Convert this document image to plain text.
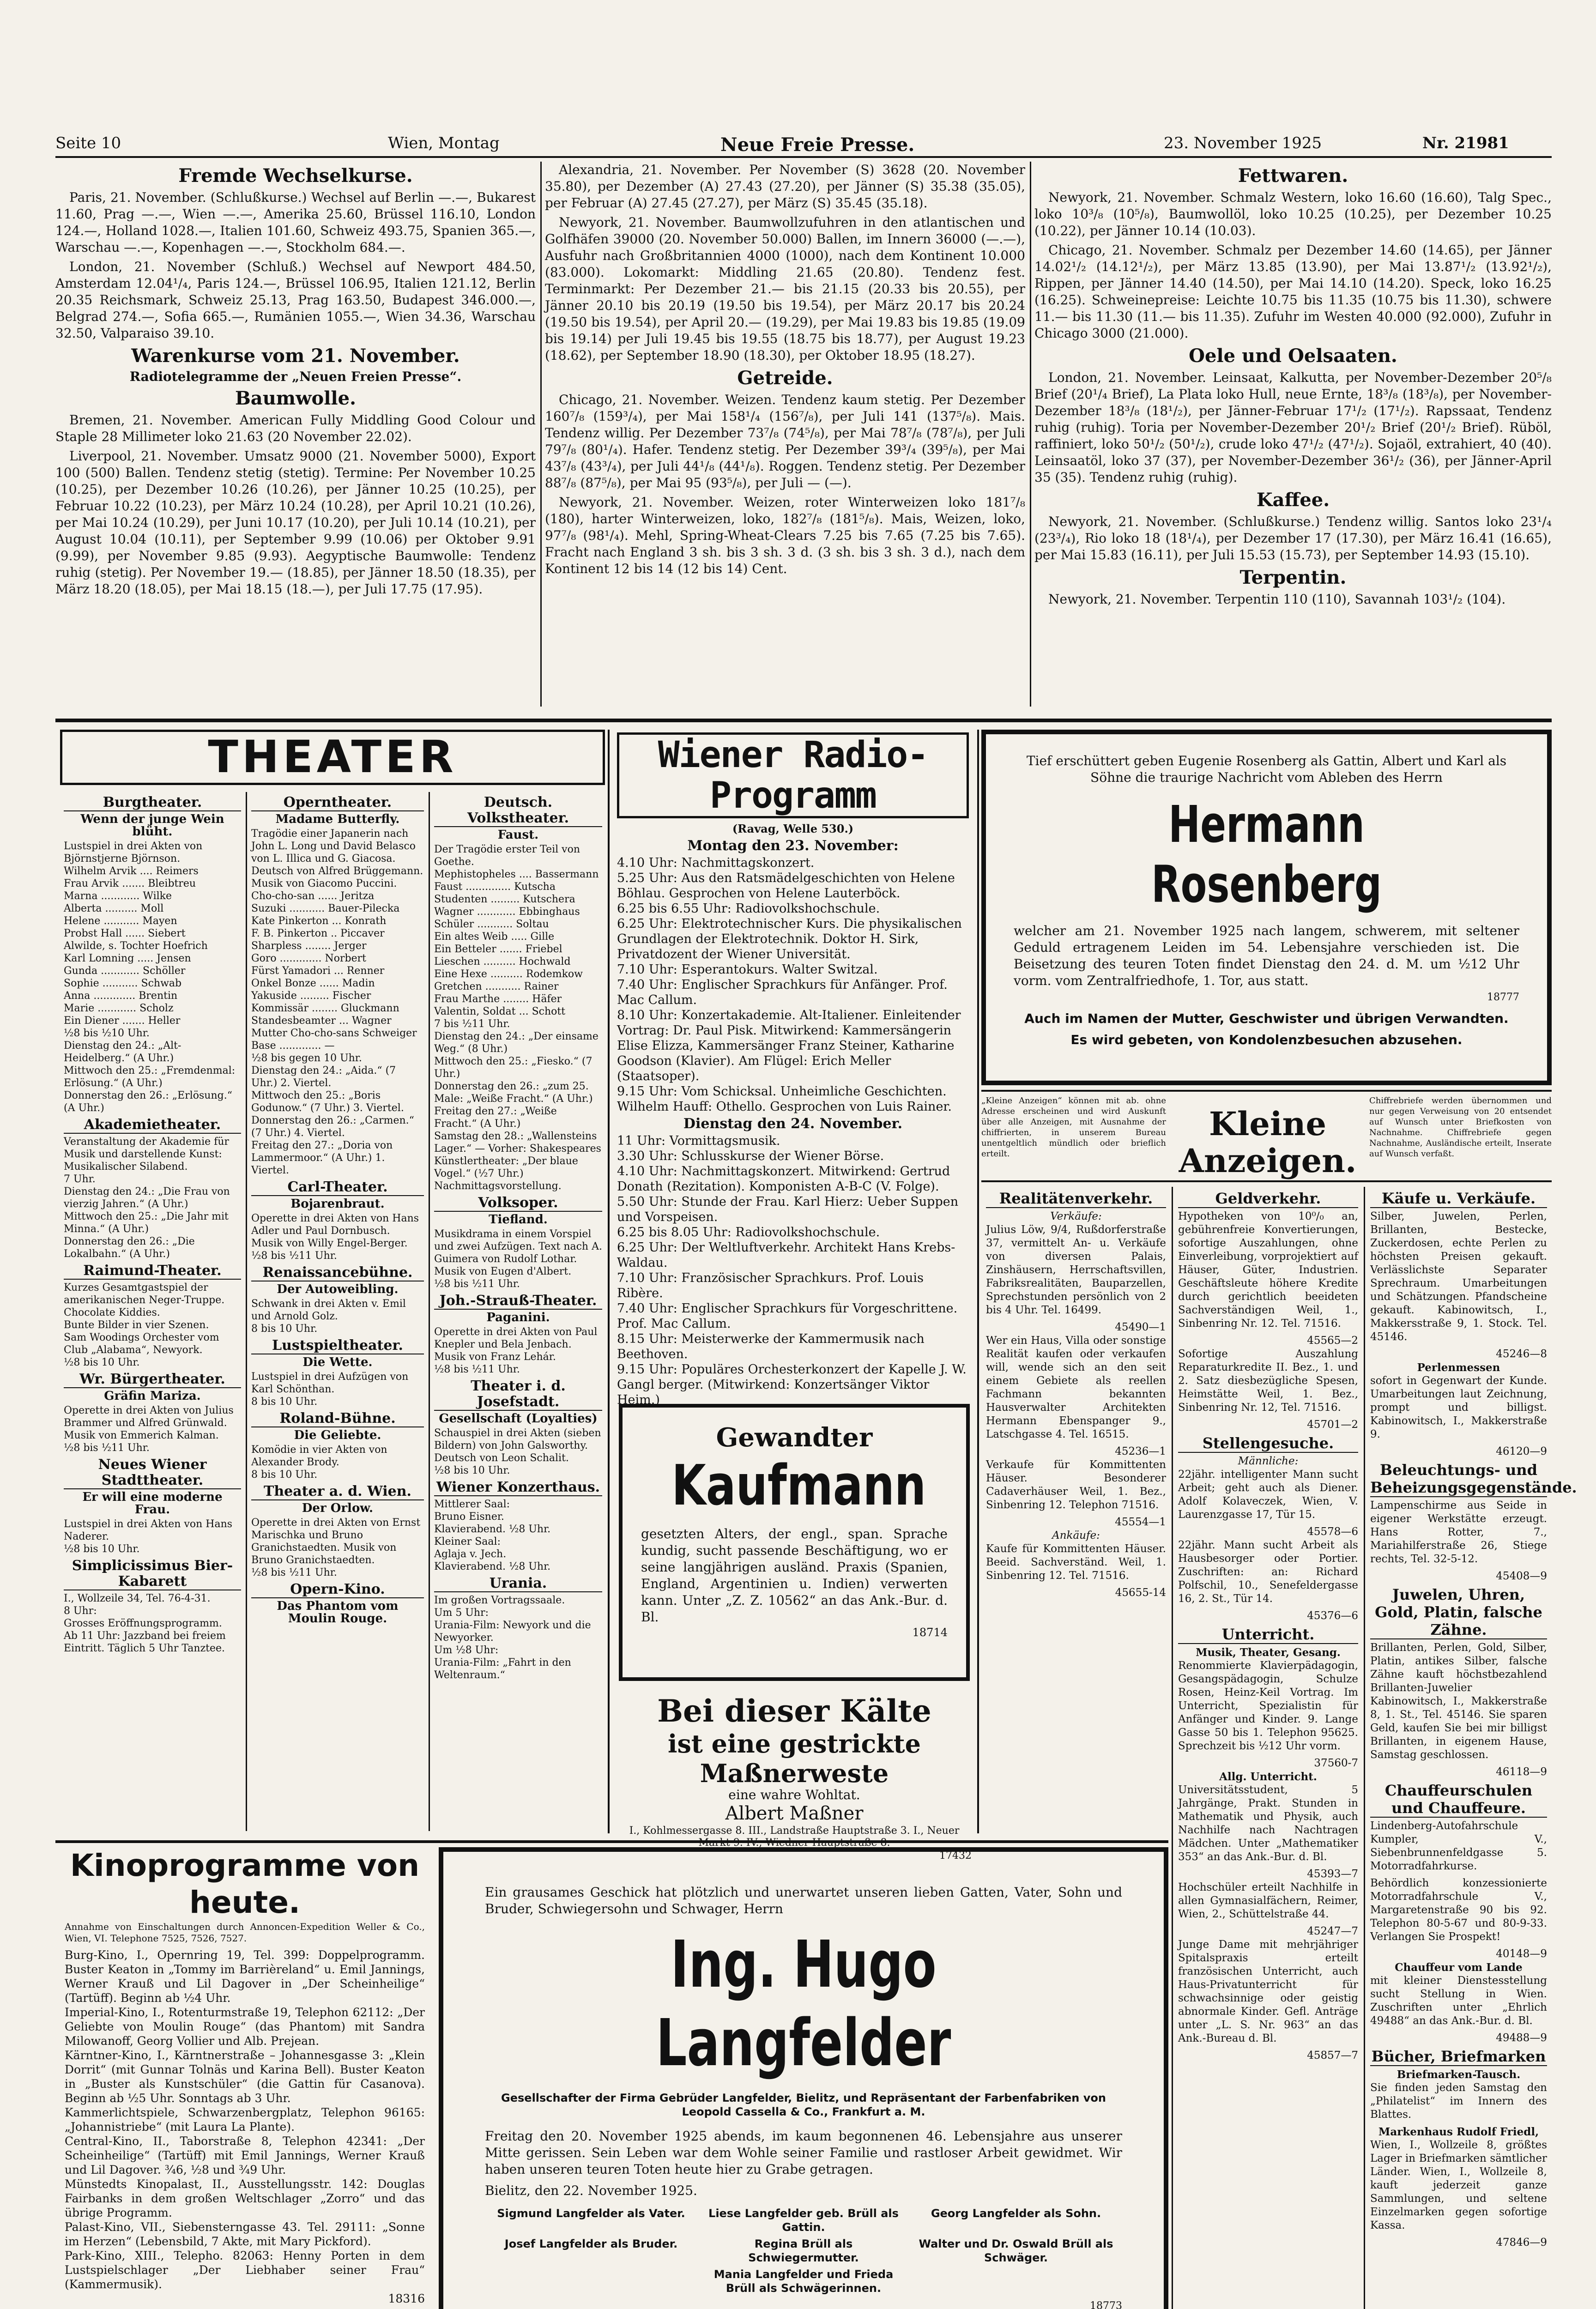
Seite 10	Wien, Montag	Neue Freie Presse.	23. November 1925	Nr. 21981
Fremde Wechselkurse.

Paris, 21. November. (Schlußkurse.) Wechsel auf Berlin —.—, Bukarest 11.60, Prag —.—, Wien —.—, Amerika 25.60, Brüssel 116.10, London 124.—, Holland 1028.—, Italien 101.60, Schweiz 493.75, Spanien 365.—, Warschau —.—, Kopenhagen —.—, Stockholm 684.—.

London, 21. November (Schluß.) Wechsel auf Newport 484.50, Amsterdam 12.04¹/₄, Paris 124.—, Brüssel 106.95, Italien 121.12, Berlin 20.35 Reichsmark, Schweiz 25.13, Prag 163.50, Budapest 346.000.—, Belgrad 274.—, Sofia 665.—, Rumänien 1055.—, Wien 34.36, Warschau 32.50, Valparaiso 39.10.

Warenkurse vom 21. November.
Radiotelegramme der „Neuen Freien Presse“.
Baumwolle.

Bremen, 21. November. American Fully Middling Good Colour und Staple 28 Millimeter loko 21.63 (20 November 22.02).

Liverpool, 21. November. Umsatz 9000 (21. November 5000), Export 100 (500) Ballen. Tendenz stetig (stetig). Termine: Per November 10.25 (10.25), per Dezember 10.26 (10.26), per Jänner 10.25 (10.25), per Februar 10.22 (10.23), per März 10.24 (10.28), per April 10.21 (10.26), per Mai 10.24 (10.29), per Juni 10.17 (10.20), per Juli 10.14 (10.21), per August 10.04 (10.11), per September 9.99 (10.06) per Oktober 9.91 (9.99), per November 9.85 (9.93). Aegyptische Baumwolle: Tendenz ruhig (stetig). Per November 19.— (18.85), per Jänner 18.50 (18.35), per März 18.20 (18.05), per Mai 18.15 (18.—), per Juli 17.75 (17.95).

Alexandria, 21. November. Per November (S) 3628 (20. November 35.80), per Dezember (A) 27.43 (27.20), per Jänner (S) 35.38 (35.05), per Februar (A) 27.45 (27.27), per März (S) 35.45 (35.18).

Newyork, 21. November. Baumwollzufuhren in den atlantischen und Golfhäfen 39000 (20. November 50.000) Ballen, im Innern 36000 (—.—), Ausfuhr nach Großbritannien 4000 (1000), nach dem Kontinent 10.000 (83.000). Lokomarkt: Middling 21.65 (20.80). Tendenz fest. Terminmarkt: Per Dezember 21.— bis 21.15 (20.33 bis 20.55), per Jänner 20.10 bis 20.19 (19.50 bis 19.54), per März 20.17 bis 20.24 (19.50 bis 19.54), per April 20.— (19.29), per Mai 19.83 bis 19.85 (19.09 bis 19.14) per Juli 19.45 bis 19.55 (18.75 bis 18.77), per August 19.23 (18.62), per September 18.90 (18.30), per Oktober 18.95 (18.27).

Getreide.

Chicago, 21. November. Weizen. Tendenz kaum stetig. Per Dezember 160⁷/₈ (159³/₄), per Mai 158¹/₄ (156⁷/₈), per Juli 141 (137⁵/₈). Mais. Tendenz willig. Per Dezember 73⁷/₈ (74⁵/₈), per Mai 78⁷/₈ (78⁷/₈), per Juli 79⁷/₈ (80¹/₄). Hafer. Tendenz stetig. Per Dezember 39³/₄ (39⁵/₈), per Mai 43⁷/₈ (43³/₄), per Juli 44¹/₈ (44¹/₈). Roggen. Tendenz stetig. Per Dezember 88⁷/₈ (87⁵/₈), per Mai 95 (93⁵/₈), per Juli — (—).

Newyork, 21. November. Weizen, roter Winterweizen loko 181⁷/₈ (180), harter Winterweizen, loko, 182⁷/₈ (181⁵/₈). Mais, Weizen, loko, 97⁷/₈ (98¹/₄). Mehl, Spring-Wheat-Clears 7.25 bis 7.65 (7.25 bis 7.65). Fracht nach England 3 sh. bis 3 sh. 3 d. (3 sh. bis 3 sh. 3 d.), nach dem Kontinent 12 bis 14 (12 bis 14) Cent.

Fettwaren.

Newyork, 21. November. Schmalz Western, loko 16.60 (16.60), Talg Spec., loko 10³/₈ (10⁵/₈), Baumwollöl, loko 10.25 (10.25), per Dezember 10.25 (10.22), per Jänner 10.14 (10.03).

Chicago, 21. November. Schmalz per Dezember 14.60 (14.65), per Jänner 14.02¹/₂ (14.12¹/₂), per März 13.85 (13.90), per Mai 13.87¹/₂ (13.92¹/₂), Rippen, per Jänner 14.40 (14.50), per Mai 14.10 (14.20). Speck, loko 16.25 (16.25). Schweinepreise: Leichte 10.75 bis 11.35 (10.75 bis 11.30), schwere 11.— bis 11.30 (11.— bis 11.35). Zufuhr im Westen 40.000 (92.000), Zufuhr in Chicago 3000 (21.000).

Oele und Oelsaaten.

London, 21. November. Leinsaat, Kalkutta, per November-Dezember 20⁵/₈ Brief (20¹/₄ Brief), La Plata loko Hull, neue Ernte, 18³/₈ (18³/₈), per November-Dezember 18³/₈ (18¹/₂), per Jänner-Februar 17¹/₂ (17¹/₂). Rapssaat, Tendenz ruhig (ruhig). Toria per November-Dezember 20¹/₂ Brief (20¹/₂ Brief). Rüböl, raffiniert, loko 50¹/₂ (50¹/₂), crude loko 47¹/₂ (47¹/₂). Sojaöl, extrahiert, 40 (40). Leinsaatöl, loko 37 (37), per November-Dezember 36¹/₂ (36), per Jänner-April 35 (35). Tendenz ruhig (ruhig).

Kaffee.

Newyork, 21. November. (Schlußkurse.) Tendenz willig. Santos loko 23¹/₄ (23³/₄), Rio loko 18 (18¹/₄), per Dezember 17 (17.30), per März 16.41 (16.65), per Mai 15.83 (16.11), per Juli 15.53 (15.73), per September 14.93 (15.10).

Terpentin.

Newyork, 21. November. Terpentin 110 (110), Savannah 103¹/₂ (104).

THEATER
Burgtheater.
Wenn der junge Wein blüht.
Lustspiel in drei Akten von Björnstjerne Björnson.
Wilhelm Arvik .... Reimers
Frau Arvik ....... Bleibtreu
Marna ............ Wilke
Alberta .......... Moll
Helene ........... Mayen
Probst Hall ...... Siebert
Alwilde, s. Tochter Hoefrich
Karl Lomning ..... Jensen
Gunda ............ Schöller
Sophie ........... Schwab
Anna ............. Brentin
Marie ............ Scholz
Ein Diener ....... Heller
½8 bis ½10 Uhr.
Dienstag den 24.: „Alt-Heidelberg.“ (A Uhr.)
Mittwoch den 25.: „Fremdenmal: Erlösung.“ (A Uhr.)
Donnerstag den 26.: „Erlösung.“ (A Uhr.)
Akademietheater.
Veranstaltung der Akademie für Musik und darstellende Kunst:
Musikalischer Silabend.
7 Uhr.
Dienstag den 24.: „Die Frau von vierzig Jahren.“ (A Uhr.)
Mittwoch den 25.: „Die Jahr mit Minna.“ (A Uhr.)
Donnerstag den 26.: „Die Lokalbahn.“ (A Uhr.)
Raimund-Theater.
Kurzes Gesamtgastspiel der amerikanischen Neger-Truppe.
Chocolate Kiddies.
Bunte Bilder in vier Szenen.
Sam Woodings Orchester vom Club „Alabama“, Newyork.
½8 bis 10 Uhr.
Wr. Bürgertheater.
Gräfin Mariza.
Operette in drei Akten von Julius Brammer und Alfred Grünwald. Musik von Emmerich Kalman.
½8 bis ½11 Uhr.
Neues Wiener Stadttheater.
Er will eine moderne Frau.
Lustspiel in drei Akten von Hans Naderer.
½8 bis 10 Uhr.
Simplicissimus Bier-Kabarett
I., Wollzeile 34, Tel. 76-4-31.
8 Uhr:
Grosses Eröffnungsprogramm.
Ab 11 Uhr: Jazzband bei freiem Eintritt. Täglich 5 Uhr Tanztee.
Operntheater.
Madame Butterfly.
Tragödie einer Japanerin nach John L. Long und David Belasco von L. Illica und G. Giacosa. Deutsch von Alfred Brüggemann. Musik von Giacomo Puccini.
Cho-cho-san ...... Jeritza
Suzuki ........... Bauer-Pilecka
Kate Pinkerton ... Konrath
F. B. Pinkerton .. Piccaver
Sharpless ........ Jerger
Goro ............. Norbert
Fürst Yamadori ... Renner
Onkel Bonze ...... Madin
Yakuside ......... Fischer
Kommissär ........ Gluckmann
Standesbeamter ... Wagner
Mutter Cho-cho-sans Schweiger
Base ............. —
½8 bis gegen 10 Uhr.
Dienstag den 24.: „Aida.“ (7 Uhr.) 2. Viertel.
Mittwoch den 25.: „Boris Godunow.“ (7 Uhr.) 3. Viertel.
Donnerstag den 26.: „Carmen.“ (7 Uhr.) 4. Viertel.
Freitag den 27.: „Doria von Lammermoor.“ (A Uhr.) 1. Viertel.
Carl-Theater.
Bojarenbraut.
Operette in drei Akten von Hans Adler und Paul Dornbusch. Musik von Willy Engel-Berger.
½8 bis ½11 Uhr.
Renaissancebühne.
Der Autoweibling.
Schwank in drei Akten v. Emil und Arnold Golz.
8 bis 10 Uhr.
Lustspieltheater.
Die Wette.
Lustspiel in drei Aufzügen von Karl Schönthan.
8 bis 10 Uhr.
Roland-Bühne.
Die Geliebte.
Komödie in vier Akten von Alexander Brody.
8 bis 10 Uhr.
Theater a. d. Wien.
Der Orlow.
Operette in drei Akten von Ernst Marischka und Bruno Granichstaedten. Musik von Bruno Granichstaedten.
½8 bis ½11 Uhr.
Opern-Kino.
Das Phantom vom Moulin Rouge.
Deutsch. Volkstheater.
Faust.
Der Tragödie erster Teil von Goethe.
Mephistopheles .... Bassermann
Faust .............. Kutscha
Studenten ......... Kutschera
Wagner ............ Ebbinghaus
Schüler ........... Soltau
Ein altes Weib ..... Gille
Ein Betteler ....... Friebel
Lieschen .......... Hochwald
Eine Hexe .......... Rodemkow
Gretchen ........... Rainer
Frau Marthe ........ Häfer
Valentin, Soldat ... Schott
7 bis ½11 Uhr.
Dienstag den 24.: „Der einsame Weg.“ (8 Uhr.)
Mittwoch den 25.: „Fiesko.“ (7 Uhr.)
Donnerstag den 26.: „zum 25. Male: „Weiße Fracht.“ (A Uhr.)
Freitag den 27.: „Weiße Fracht.“ (A Uhr.)
Samstag den 28.: „Wallensteins Lager.“ — Vorher: Shakespeares Künstlertheater: „Der blaue Vogel.“ (½7 Uhr.) Nachmittagsvorstellung.
Volksoper.
Tiefland.
Musikdrama in einem Vorspiel und zwei Aufzügen. Text nach A. Guimera von Rudolf Lothar. Musik von Eugen d'Albert.
½8 bis ½11 Uhr.
Joh.-Strauß-Theater.
Paganini.
Operette in drei Akten von Paul Knepler und Bela Jenbach. Musik von Franz Lehár.
½8 bis ½11 Uhr.
Theater i. d. Josefstadt.
Gesellschaft (Loyalties)
Schauspiel in drei Akten (sieben Bildern) von John Galsworthy. Deutsch von Leon Schalit.
½8 bis 10 Uhr.
Wiener Konzerthaus.
Mittlerer Saal:
Bruno Eisner.
Klavierabend. ½8 Uhr.
Kleiner Saal:
Aglaja v. Jech.
Klavierabend. ½8 Uhr.
Urania.
Im großen Vortragssaale.
Um 5 Uhr:
Urania-Film: Newyork und die Newyorker.
Um ½8 Uhr:
Urania-Film: „Fahrt in den Weltenraum.“
Wiener Radio-Programm
(Ravag, Welle 530.)
Montag den 23. November:
4.10 Uhr: Nachmittagskonzert.
5.25 Uhr: Aus den Ratsmädelgeschichten von Helene Böhlau. Gesprochen von Helene Lauterböck.
6.25 bis 6.55 Uhr: Radiovolkshochschule.
6.25 Uhr: Elektrotechnischer Kurs. Die physikalischen Grundlagen der Elektrotechnik. Doktor H. Sirk, Privatdozent der Wiener Universität.
7.10 Uhr: Esperantokurs. Walter Switzal.
7.40 Uhr: Englischer Sprachkurs für Anfänger. Prof. Mac Callum.
8.10 Uhr: Konzertakademie. Alt-Italiener. Einleitender Vortrag: Dr. Paul Pisk. Mitwirkend: Kammersängerin Elise Elizza, Kammersänger Franz Steiner, Katharine Goodson (Klavier). Am Flügel: Erich Meller (Staatsoper).
9.15 Uhr: Vom Schicksal. Unheimliche Geschichten. Wilhelm Hauff: Othello. Gesprochen von Luis Rainer.
Dienstag den 24. November.
11 Uhr: Vormittagsmusik.
3.30 Uhr: Schlusskurse der Wiener Börse.
4.10 Uhr: Nachmittagskonzert. Mitwirkend: Gertrud Donath (Rezitation). Komponisten A-B-C (V. Folge).
5.50 Uhr: Stunde der Frau. Karl Hierz: Ueber Suppen und Vorspeisen.
6.25 bis 8.05 Uhr: Radiovolkshochschule.
6.25 Uhr: Der Weltluftverkehr. Architekt Hans Krebs-Waldau.
7.10 Uhr: Französischer Sprachkurs. Prof. Louis Ribère.
7.40 Uhr: Englischer Sprachkurs für Vorgeschrittene. Prof. Mac Callum.
8.15 Uhr: Meisterwerke der Kammermusik nach Beethoven.
9.15 Uhr: Populäres Orchesterkonzert der Kapelle J. W. Gangl berger. (Mitwirkend: Konzertsänger Viktor Heim.)
Gewandter
Kaufmann
gesetzten Alters, der engl., span. Sprache kundig, sucht passende Beschäftigung, wo er seine langjährigen ausländ. Praxis (Spanien, England, Argentinien u. Indien) verwerten kann. Unter „Z. Z. 10562“ an das Ank.-Bur. d. Bl.
18714
Bei dieser Kälte
ist eine gestrickte Maßnerweste
eine wahre Wohltat.
Albert Maßner
I., Kohlmessergasse 8. III., Landstraße Hauptstraße 3. I., Neuer
17432
Tief erschüttert geben Eugenie Rosenberg als Gattin, Albert und Karl als Söhne die traurige Nachricht vom Ableben des Herrn
Hermann Rosenberg
welcher am 21. November 1925 nach langem, schwerem, mit seltener Geduld ertragenem Leiden im 54. Lebensjahre verschieden ist. Die Beisetzung des teuren Toten findet Dienstag den 24. d. M. um ½12 Uhr vorm. vom Zentralfriedhofe, 1. Tor, aus statt.
18777
Auch im Namen der Mutter, Geschwister und übrigen Verwandten.
Es wird gebeten, von Kondolenzbesuchen abzusehen.
„Kleine Anzeigen“ können mit ab. ohne Adresse erscheinen und wird Auskunft über alle Anzeigen, mit Ausnahme der chiffrierten, in unserem Bureau unentgeltlich mündlich oder brieflich erteilt.
Kleine Anzeigen.
Chiffrebriefe werden übernommen und nur gegen Verweisung von 20 entsendet auf Wunsch unter Briefkosten von Nachnahme. Chiffrebriefe gegen Nachnahme, Ausländische erteilt, Inserate auf Wunsch verfaßt.
Realitätenverkehr.
Verkäufe:

Julius Löw, 9/4, Rußdorferstraße 37, vermittelt An- u. Verkäufe von diversen Palais, Zinshäusern, Herrschaftsvillen, Fabriksrealitäten, Bauparzellen, Sprechstunden persönlich von 2 bis 4 Uhr. Tel. 16499.

45490—1

Wer ein Haus, Villa oder sonstige Realität kaufen oder verkaufen will, wende sich an den seit einem Gebiete als reellen Fachmann bekannten Hausverwalter Architekten Hermann Ebenspanger 9., Latschgasse 4. Tel. 16515.

45236—1

Verkaufe für Kommittenten Häuser. Besonderer Cadaverhäuser Weil, 1. Bez., Sinbenring 12. Telephon 71516.

45554—1
Ankäufe:

Kaufe für Kommittenten Häuser. Beeid. Sachverständ. Weil, 1. Sinbenring 12. Tel. 71516.

45655-14
Geldverkehr.

Hypotheken von 10⁰/₀ an, gebührenfreie Konvertierungen, sofortige Auszahlungen, ohne Einverleibung, vorprojektiert auf Häuser, Güter, Industrien. Geschäftsleute höhere Kredite durch gerichtlich beeideten Sachverständigen Weil, 1., Sinbenring Nr. 12. Tel. 71516.

45565—2

Sofortige Auszahlung Reparaturkredite II. Bez., 1. und 2. Satz diesbezügliche Spesen, Heimstätte Weil, 1. Bez., Sinbenring Nr. 12, Tel. 71516.

45701—2
Stellengesuche.
Männliche:

22jähr. intelligenter Mann sucht Arbeit; geht auch als Diener. Adolf Kolaveczek, Wien, V. Laurenzgasse 17, Tür 15.

45578—6

22jähr. Mann sucht Arbeit als Hausbesorger oder Portier. Zuschriften: an: Richard Polfschil, 10., Senefeldergasse 16, 2. St., Tür 14.

45376—6
Unterricht.
Musik, Theater, Gesang.

Renommierte Klavierpädagogin, Gesangspädagogin, Schulze Rosen, Heinz-Keil Vortrag. Im Unterricht, Spezialistin für Anfänger und Kinder. 9. Lange Gasse 50 bis 1. Telephon 95625. Sprechzeit bis ½12 Uhr vorm.

37560-7
Allg. Unterricht.

Universitätsstudent, 5 Jahrgänge, Prakt. Stunden in Mathematik und Physik, auch Nachhilfe nach Nachtragen Mädchen. Unter „Mathematiker 353“ an das Ank.-Bur. d. Bl.

45393—7

Hochschüler erteilt Nachhilfe in allen Gymnasialfächern, Reimer, Wien, 2., Schüttelstraße 44.

45247—7

Junge Dame mit mehrjähriger Spitalspraxis erteilt französischen Unterricht, auch Haus-Privatunterricht für schwachsinnige oder geistig abnormale Kinder. Gefl. Anträge unter „L. S. Nr. 963“ an das Ank.-Bureau d. Bl.

45857—7
Käufe u. Verkäufe.

Silber, Juwelen, Perlen, Brillanten, Bestecke, Zuckerdosen, echte Perlen zu höchsten Preisen gekauft. Verlässlichste Separater Sprechraum. Umarbeitungen und Schätzungen. Pfandscheine gekauft. Kabinowitsch, I., Makkersstraße 9, 1. Stock. Tel. 45146.

45246—8
Perlenmessen

sofort in Gegenwart der Kunde. Umarbeitungen laut Zeichnung, prompt und billigst. Kabinowitsch, I., Makkerstraße 9.

46120—9
Beleuchtungs- und Beheizungsgegenstände.

Lampenschirme aus Seide in eigener Werkstätte erzeugt. Hans Rotter, 7., Mariahilferstraße 26, Stiege rechts, Tel. 32-5-12.

45408—9
Juwelen, Uhren, Gold, Platin, falsche Zähne.

Brillanten, Perlen, Gold, Silber, Platin, antikes Silber, falsche Zähne kauft höchstbezahlend Brillanten-Juwelier Kabinowitsch, I., Makkerstraße 8, 1. St., Tel. 45146. Sie sparen Geld, kaufen Sie bei mir billigst Brillanten, in eigenem Hause, Samstag geschlossen.

46118—9
Chauffeurschulen und Chauffeure.

Lindenberg-Autofahrschule Kumpler, V., Siebenbrunnenfeldgasse 5. Motorradfahrkurse.

Behördlich konzessionierte Motorradfahrschule V., Margaretenstraße 90 bis 92. Telephon 80-5-67 und 80-9-33. Verlangen Sie Prospekt!

40148—9
Chauffeur vom Lande

mit kleiner Dienstesstellung sucht Stellung in Wien. Zuschriften unter „Ehrlich 49488“ an das Ank.-Bur. d. Bl.

49488—9
Bücher, Briefmarken
Briefmarken-Tausch.

Sie finden jeden Samstag den „Philatelist“ im Innern des Blattes.

Markenhaus Rudolf Friedl,

Wien, I., Wollzeile 8, größtes Lager in Briefmarken sämtlicher Länder. Wien, I., Wollzeile 8, kauft jederzeit ganze Sammlungen, und seltene Einzelmarken gegen sofortige Kassa.

47846—9
Kinoprogramme von heute.

Annahme von Einschaltungen durch Annoncen-Expedition Weller & Co., Wien, VI. Telephone 7525, 7526, 7527.

Burg-Kino, I., Opernring 19, Tel. 399: Doppelprogramm. Buster Keaton in „Tommy im Barrièreland“ u. Emil Jannings, Werner Krauß und Lil Dagover in „Der Scheinheilige“ (Tartüff). Beginn ab ½4 Uhr.
Imperial-Kino, I., Rotenturmstraße 19, Telephon 62112: „Der Geliebte von Moulin Rouge“ (das Phantom) mit Sandra Milowanoff, Georg Vollier und Alb. Prejean.
Kärntner-Kino, I., Kärntnerstraße – Johannesgasse 3: „Klein Dorrit“ (mit Gunnar Tolnäs und Karina Bell). Buster Keaton in „Buster als Kunstschüler“ (die Gattin für Casanova). Beginn ab ½5 Uhr. Sonntags ab 3 Uhr.
Kammerlichtspiele, Schwarzenbergplatz, Telephon 96165: „Johannistriebe“ (mit Laura La Plante).
Central-Kino, II., Taborstraße 8, Telephon 42341: „Der Scheinheilige“ (Tartüff) mit Emil Jannings, Werner Krauß und Lil Dagover. ¾6, ½8 und ¾9 Uhr.
Münstedts Kinopalast, II., Ausstellungsstr. 142: Douglas Fairbanks in dem großen Weltschlager „Zorro“ und das übrige Programm.
Palast-Kino, VII., Siebensterngasse 43. Tel. 29111: „Sonne im Herzen“ (Lebensbild, 7 Akte, mit Mary Pickford).
Park-Kino, XIII., Telepho. 82063: Henny Porten in dem Lustspielschlager „Der Liebhaber seiner Frau“ (Kammermusik).
18316
Ein grausames Geschick hat plötzlich und unerwartet unseren lieben Gatten, Vater, Sohn und Bruder, Schwiegersohn und Schwager, Herrn
Ing. Hugo Langfelder
Gesellschafter der Firma Gebrüder Langfelder, Bielitz, und Repräsentant der Farbenfabriken von Leopold Cassella & Co., Frankfurt a. M.
Freitag den 20. November 1925 abends, im kaum begonnenen 46. Lebensjahre aus unserer Mitte gerissen. Sein Leben war dem Wohle seiner Familie und rastloser Arbeit gewidmet. Wir haben unseren teuren Toten heute hier zu Grabe getragen.
Bielitz, den 22. November 1925.
Sigmund Langfelder als Vater.	Liese Langfelder geb. Brüll als Gattin.
Georg Langfelder als Sohn.
Josef Langfelder als Bruder.	Regina Brüll als Schwiegermutter.
Walter und Dr. Oswald Brüll als Schwäger.
Mania Langfelder und Frieda Brüll als Schwägerinnen.
18773
